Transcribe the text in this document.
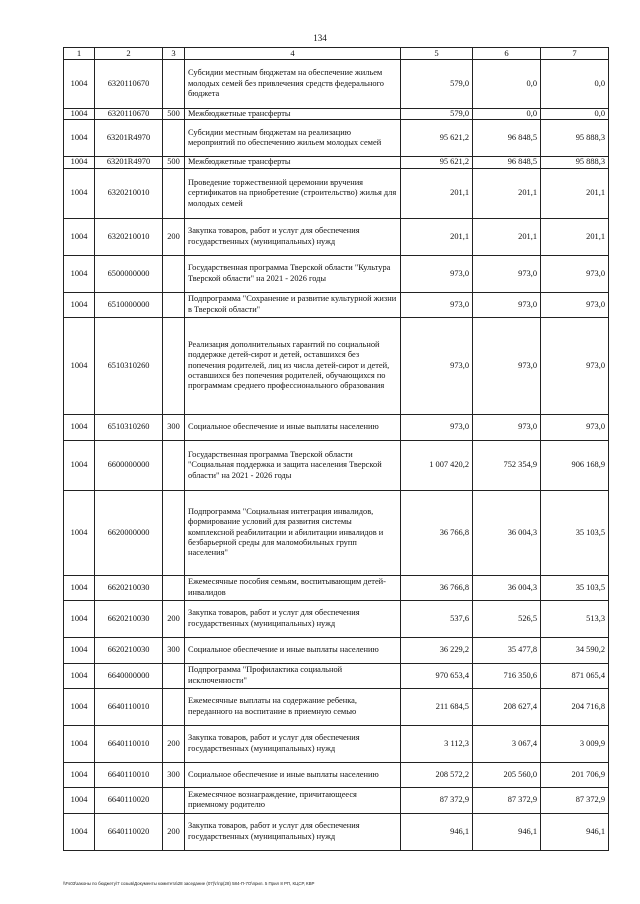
134
1	2	3	4	5	6	7
1004	6320110670		Субсидии местным бюджетам на обеспечение жильем молодых семей без привлечения средств федерального бюджета	579,0	0,0	0,0
1004	6320110670	500	Межбюджетные трансферты	579,0	0,0	0,0
1004	63201R4970		Субсидии местным бюджетам на реализацию мероприятий по обеспечению жильем молодых семей	95 621,2	96 848,5	95 888,3
1004	63201R4970	500	Межбюджетные трансферты	95 621,2	96 848,5	95 888,3
1004	6320210010		Проведение торжественной церемонии вручения сертификатов на приобретение (строительство) жилья для молодых семей	201,1	201,1	201,1
1004	6320210010	200	Закупка товаров, работ и услуг для обеспечения государственных (муниципальных) нужд	201,1	201,1	201,1
1004	6500000000		Государственная программа Тверской области "Культура Тверской области" на 2021 - 2026 годы	973,0	973,0	973,0
1004	6510000000		Подпрограмма "Сохранение и развитие культурной жизни в Тверской области"	973,0	973,0	973,0
1004	6510310260		Реализация дополнительных гарантий по социальной поддержке детей-сирот и детей, оставшихся без попечения родителей, лиц из числа детей-сирот и детей, оставшихся без попечения родителей, обучающихся по программам среднего профессионального образования	973,0	973,0	973,0
1004	6510310260	300	Социальное обеспечение и иные выплаты населению	973,0	973,0	973,0
1004	6600000000		Государственная программа Тверской области "Социальная поддержка и защита населения Тверской области" на 2021 - 2026 годы	1 007 420,2	752 354,9	906 168,9
1004	6620000000		Подпрограмма "Социальная интеграция инвалидов, формирование условий для развития системы комплексной реабилитации и абилитации инвалидов и безбарьерной среды для маломобильных групп населения"	36 766,8	36 004,3	35 103,5
1004	6620210030		Ежемесячные пособия семьям, воспитывающим детей-инвалидов	36 766,8	36 004,3	35 103,5
1004	6620210030	200	Закупка товаров, работ и услуг для обеспечения государственных (муниципальных) нужд	537,6	526,5	513,3
1004	6620210030	300	Социальное обеспечение и иные выплаты населению	36 229,2	35 477,8	34 590,2
1004	6640000000		Подпрограмма "Профилактика социальной исключенности"	970 653,4	716 350,6	871 065,4
1004	6640110010		Ежемесячные выплаты на содержание ребенка, переданного на воспитание в приемную семью	211 684,5	208 627,4	204 716,8
1004	6640110010	200	Закупка товаров, работ и услуг для обеспечения государственных (муниципальных) нужд	3 112,3	3 067,4	3 009,9
1004	6640110010	300	Социальное обеспечение и иные выплаты населению	208 572,2	205 560,0	201 706,9
1004	6640110020		Ежемесячное вознаграждение, причитающееся приемному родителю	87 372,9	87 372,9	87 372,9
1004	6640110020	200	Закупка товаров, работ и услуг для обеспечения государственных (муниципальных) нужд	946,1	946,1	946,1
\\Fs03\законы по бюджету\7 созыв\Документы комитета\28 заседание (07)\г\пр(28) 584-П-7О\прил. 5 Прил 8 РП, КЦСР, КВР
